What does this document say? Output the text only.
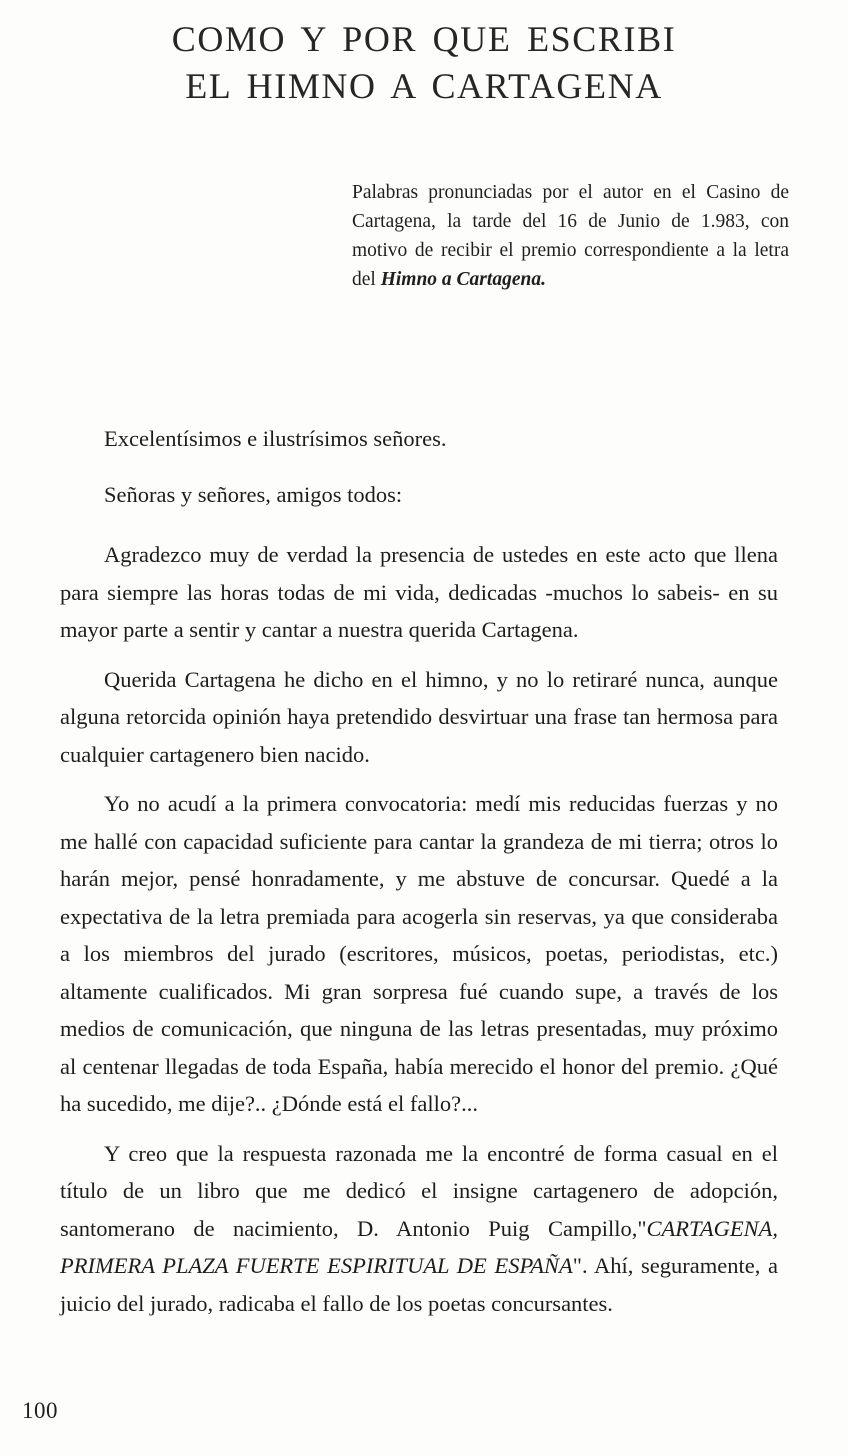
COMO Y POR QUE ESCRIBI
EL HIMNO A CARTAGENA
Palabras pronunciadas por el autor en el Casino de Cartagena, la tarde del 16 de Junio de 1.983, con motivo de recibir el premio correspondiente a la letra del Himno a Cartagena.

Excelentísimos e ilustrísimos señores.

Señoras y señores, amigos todos:

Agradezco muy de verdad la presencia de ustedes en este acto que llena para siempre las horas todas de mi vida, dedicadas -muchos lo sabeis- en su mayor parte a sentir y cantar a nuestra querida Cartagena.

Querida Cartagena he dicho en el himno, y no lo retiraré nunca, aunque alguna retorcida opinión haya pretendido desvirtuar una frase tan hermosa para cualquier cartagenero bien nacido.

Yo no acudí a la primera convocatoria: medí mis reducidas fuerzas y no me hallé con capacidad suficiente para cantar la grandeza de mi tierra; otros lo harán mejor, pensé honradamente, y me abstuve de concursar. Quedé a la expectativa de la letra premiada para acogerla sin reservas, ya que consideraba a los miembros del jurado (escritores, músicos, poetas, periodistas, etc.) altamente cualificados. Mi gran sorpresa fué cuando supe, a través de los medios de comunicación, que ninguna de las letras presentadas, muy próximo al centenar llegadas de toda España, había merecido el honor del premio. ¿Qué ha sucedido, me dije?.. ¿Dónde está el fallo?...

Y creo que la respuesta razonada me la encontré de forma casual en el título de un libro que me dedicó el insigne cartagenero de adopción, santomerano de nacimiento, D. Antonio Puig Campillo,"CARTAGENA, PRIMERA PLAZA FUERTE ESPIRITUAL DE ESPAÑA". Ahí, seguramente, a juicio del jurado, radicaba el fallo de los poetas concursantes.

100
